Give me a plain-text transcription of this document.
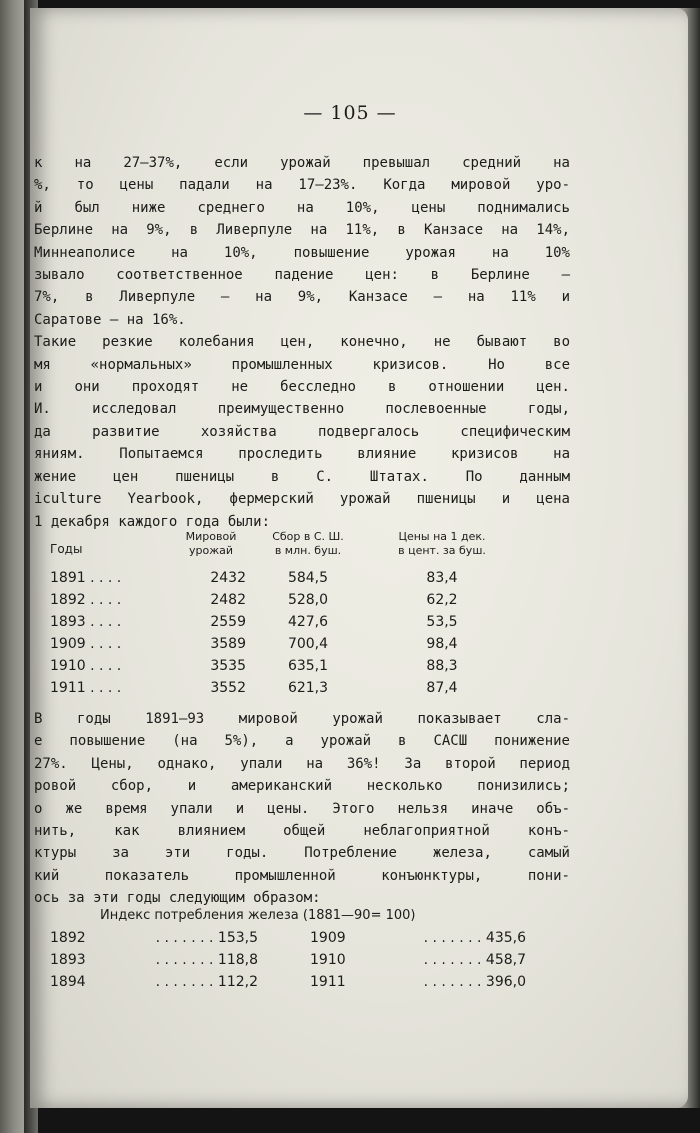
— 105 —
к на 27—37%, если урожай превышал средний на
%, то цены падали на 17—23%. Когда мировой уро-
й был ниже среднего на 10%, цены поднимались
Берлине на 9%, в Ливерпуле на 11%, в Канзасе на 14%,
Миннеаполисе на 10%, повышение урожая на 10%
зывало соответственное падение цен: в Берлине —
7%, в Ливерпуле — на 9%, Канзасе — на 11% и
Саратове — на 16%.
Такие резкие колебания цен, конечно, не бывают во
мя «нормальных» промышленных кризисов. Но все
и они проходят не бесследно в отношении цен.
И. исследовал преимущественно послевоенные годы,
да развитие хозяйства подвергалось специфическим
яниям. Попытаемся проследить влияние кризисов на
жение цен пшеницы в С. Штатах. По данным
iculture Yearbook, фермерский урожай пшеницы и цена
1 декабря каждого года были:
Годы
Мировой
урожай
Сбор в С. Ш.
в млн. буш.
Цены на 1 дек.
в цент. за буш.
1891 . . . .	2432	584,5	83,4
1892 . . . .	2482	528,0	62,2
1893 . . . .	2559	427,6	53,5
1909 . . . .	3589	700,4	98,4
1910 . . . .	3535	635,1	88,3
1911 . . . .	3552	621,3	87,4
В годы 1891—93 мировой урожай показывает сла-
е повышение (на 5%), а урожай в САСШ понижение
27%. Цены, однако, упали на 36%! За второй период
ровой сбор, и американский несколько понизились;
о же время упали и цены. Этого нельзя иначе объ-
нить, как влиянием общей неблагоприятной конъ-
ктуры за эти годы. Потребление железа, самый
кий показатель промышленной конъюнктуры, пони-
ось за эти годы следующим образом:
Индекс потребления железа (1881—90= 100)
1892	. . . . . . . 153,5	1909	. . . . . . . 435,6
1893	. . . . . . . 118,8	1910	. . . . . . . 458,7
1894	. . . . . . . 112,2	1911	. . . . . . . 396,0
